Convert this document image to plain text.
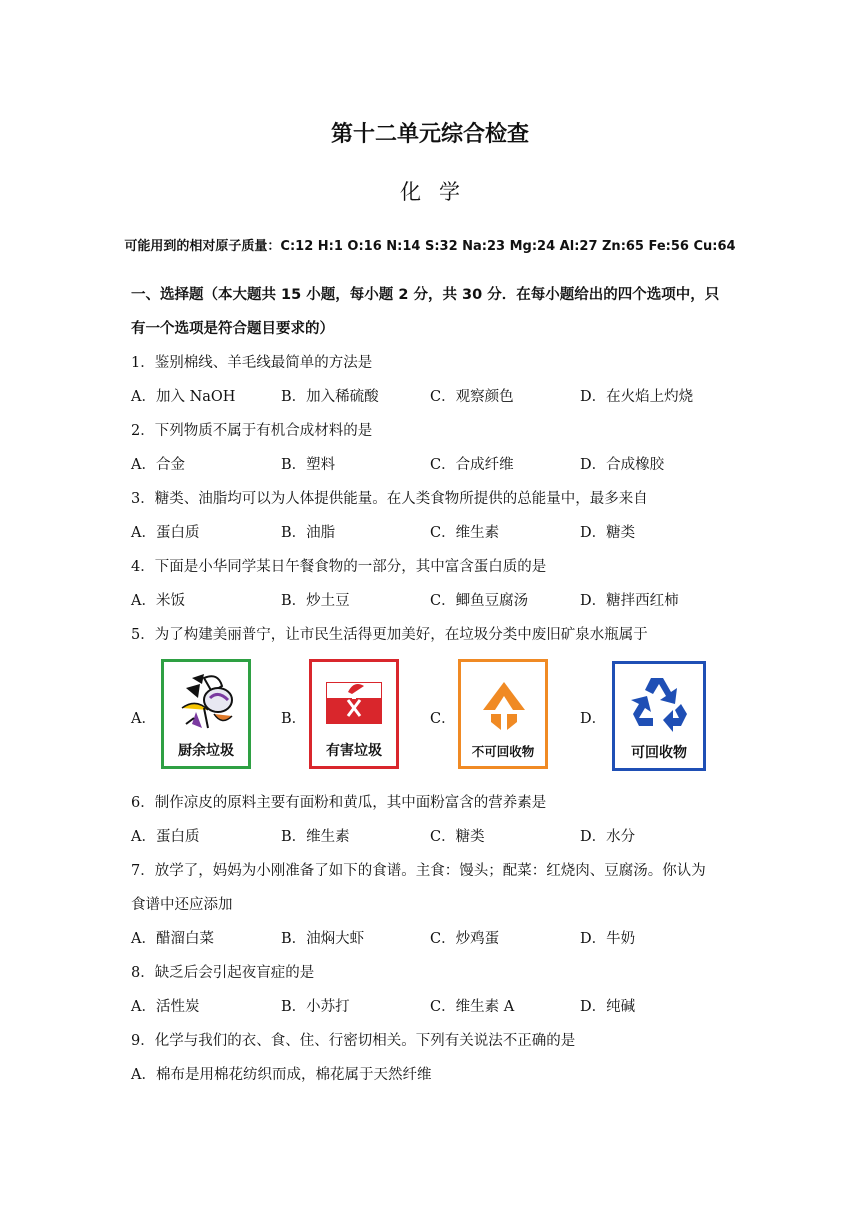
第十二单元综合检查
化学
可能用到的相对原子质量：C:12 H:1 O:16 N:14 S:32 Na:23 Mg:24 Al:27 Zn:65 Fe:56 Cu:64
一、选择题（本大题共 15 小题，每小题 2 分，共 30 分．在每小题给出的四个选项中，只
有一个选项是符合题目要求的）
1．鉴别棉线、羊毛线最简单的方法是
A．加入 NaOH	B．加入稀硫酸	C．观察颜色	D．在火焰上灼烧
2．下列物质不属于有机合成材料的是
A．合金	B．塑料	C．合成纤维	D．合成橡胶
3．糖类、油脂均可以为人体提供能量。在人类食物所提供的总能量中，最多来自
A．蛋白质	B．油脂	C．维生素	D．糖类
4．下面是小华同学某日午餐食物的一部分，其中富含蛋白质的是
A．米饭	B．炒土豆	C．鲫鱼豆腐汤	D．糖拌西红柿
5．为了构建美丽普宁，让市民生活得更加美好，在垃圾分类中废旧矿泉水瓶属于
A．	B．	C．	D．
厨余垃圾	有害垃圾	不可回收物	可回收物
6．制作凉皮的原料主要有面粉和黄瓜，其中面粉富含的营养素是
A．蛋白质	B．维生素	C．糖类	D．水分
7．放学了，妈妈为小刚准备了如下的食谱。主食：馒头；配菜：红烧肉、豆腐汤。你认为
食谱中还应添加
A．醋溜白菜	B．油焖大虾	C．炒鸡蛋	D．牛奶
8．缺乏后会引起夜盲症的是
A．活性炭	B．小苏打	C．维生素 A	D．纯碱
9．化学与我们的衣、食、住、行密切相关。下列有关说法不正确的是
A．棉布是用棉花纺织而成，棉花属于天然纤维
